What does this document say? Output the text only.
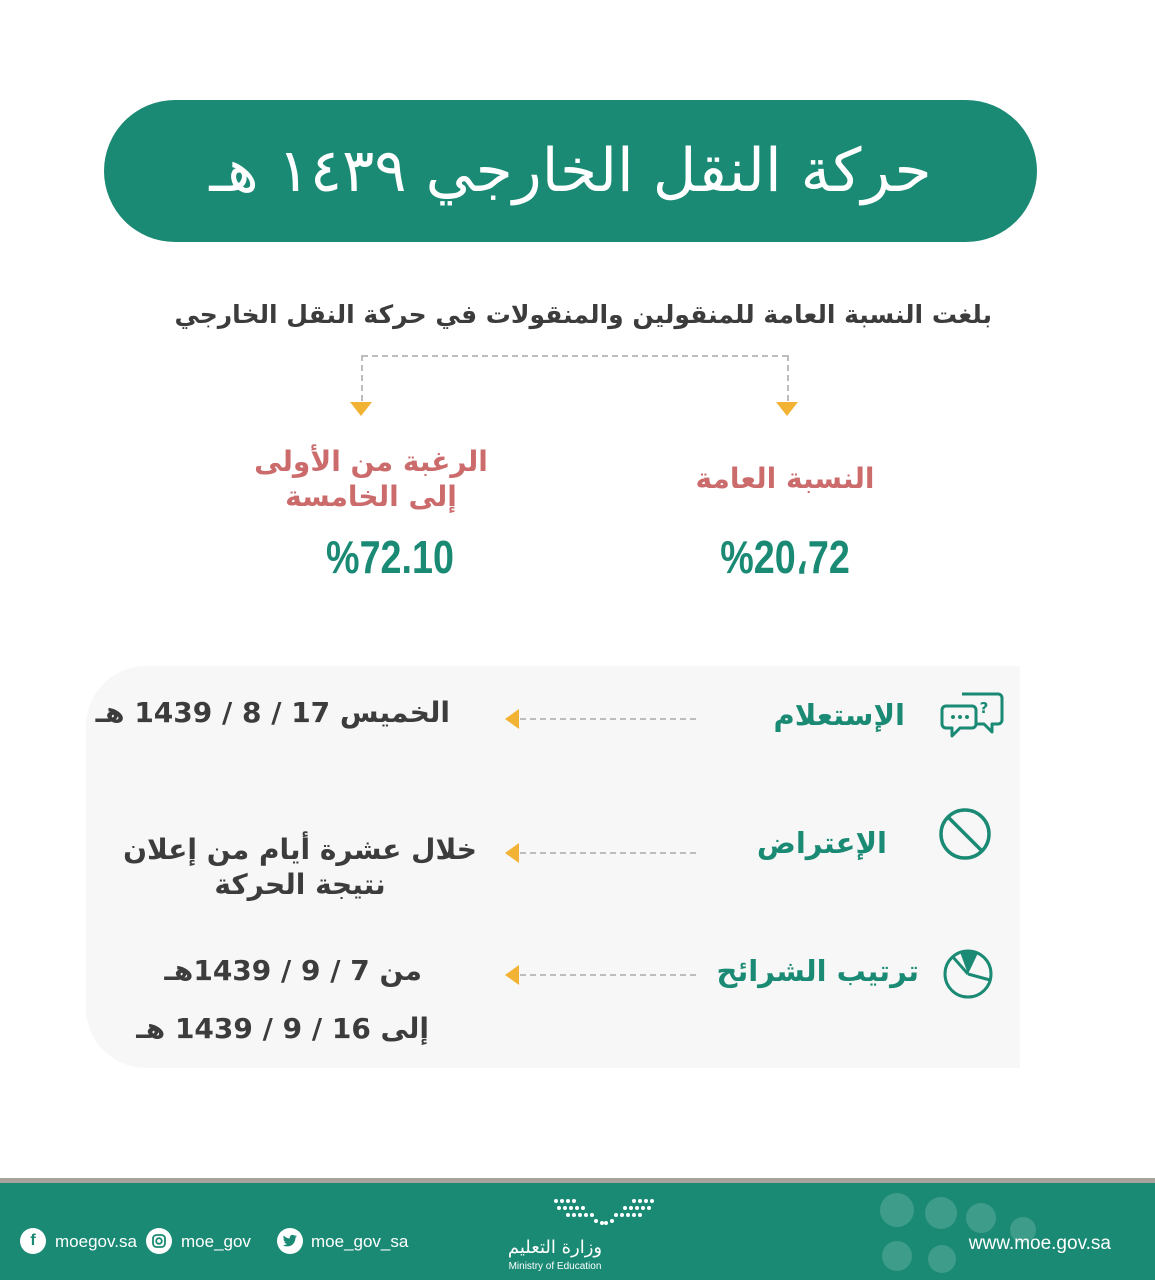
حركة النقل الخارجي ١٤٣٩ هـ
بلغت النسبة العامة للمنقولين والمنقولات في حركة النقل الخارجي
النسبة العامة
%20،72
الرغبة من الأولى
إلى الخامسة
%72.10
?
الإستعلام
الخميس 17 / 8 / 1439 هـ
الإعتراض
خلال عشرة أيام من إعلان
نتيجة الحركة
ترتيب الشرائح
من 7 / 9 / 1439هـ
إلى 16 / 9 / 1439 هـ
f moegov.sa	moe_gov	moe_gov_sa	وزارة التعليم
Ministry of Education
www.moe.gov.sa
